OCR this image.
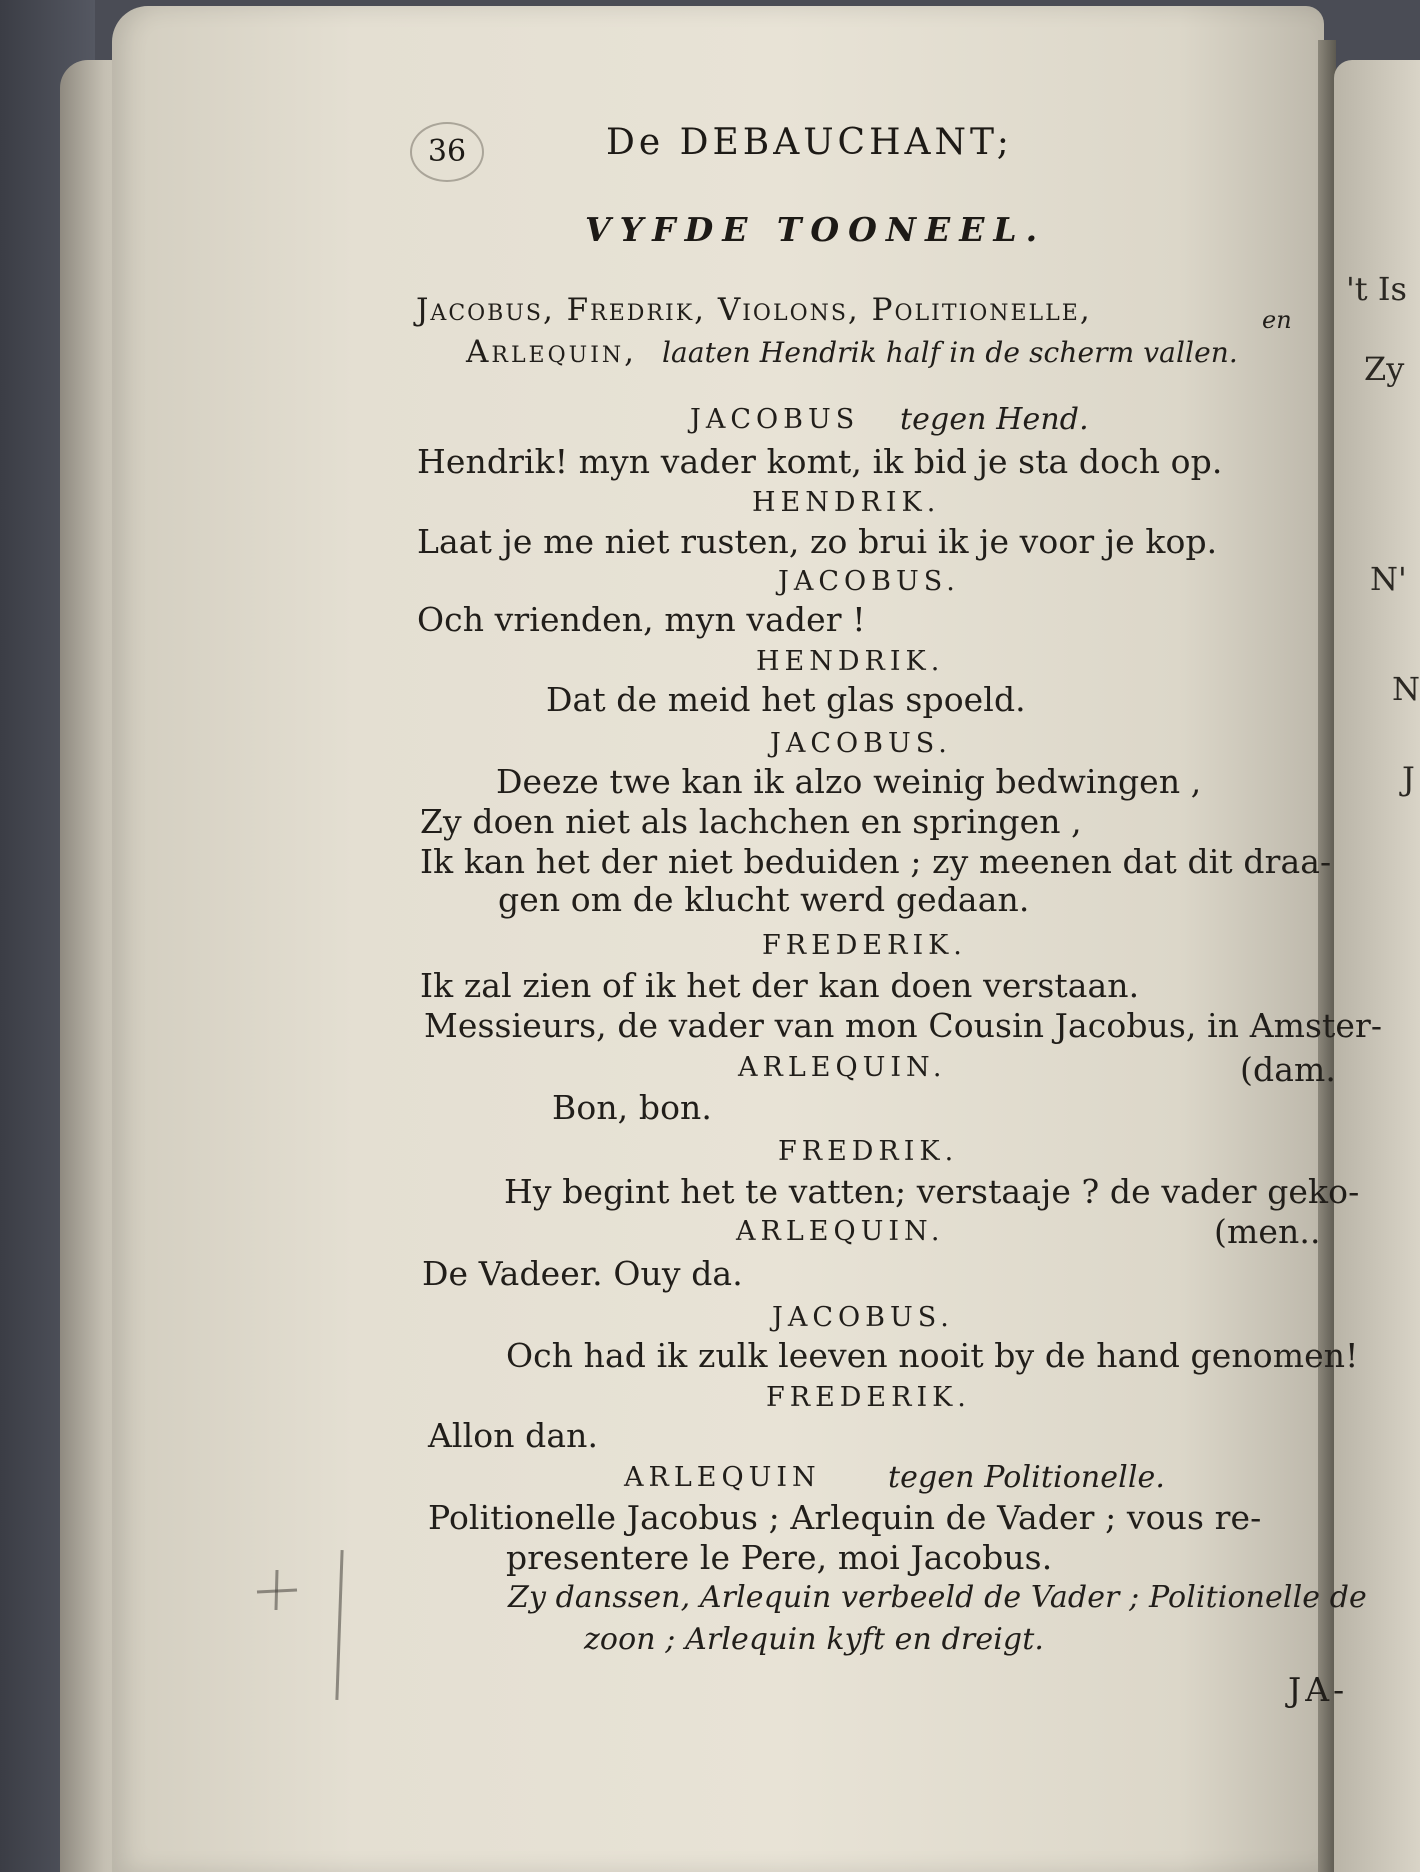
't Is
Zy
N'
N
J
36	De DEBAUCHANT;
VYFDE TOONEEL.
Jacobus, Fredrik, Violons, Politionelle,	en
Arlequin, laaten Hendrik half in de scherm vallen.
JACOBUS tegen Hend.
Hendrik! myn vader komt, ik bid je sta doch op.
HENDRIK.
Laat je me niet rusten, zo brui ik je voor je kop.
JACOBUS.
Och vrienden, myn vader !
HENDRIK.
Dat de meid het glas spoeld.
JACOBUS.
Deeze twe kan ik alzo weinig bedwingen ,
Zy doen niet als lachchen en springen ,
Ik kan het der niet beduiden ; zy meenen dat dit draa-
gen om de klucht werd gedaan.
FREDERIK.
Ik zal zien of ik het der kan doen verstaan.
Messieurs, de vader van mon Cousin Jacobus, in Amster-
ARLEQUIN.	(dam.
Bon, bon.
FREDRIK.
Hy begint het te vatten; verstaaje ? de vader geko-
ARLEQUIN.	(men..
De Vadeer. Ouy da.
JACOBUS.
Och had ik zulk leeven nooit by de hand genomen!
FREDERIK.
Allon dan.
ARLEQUIN tegen Politionelle.
Politionelle Jacobus ; Arlequin de Vader ; vous re-
presentere le Pere, moi Jacobus.
Zy danssen, Arlequin verbeeld de Vader ; Politionelle de
zoon ; Arlequin kyft en dreigt.
JA-
